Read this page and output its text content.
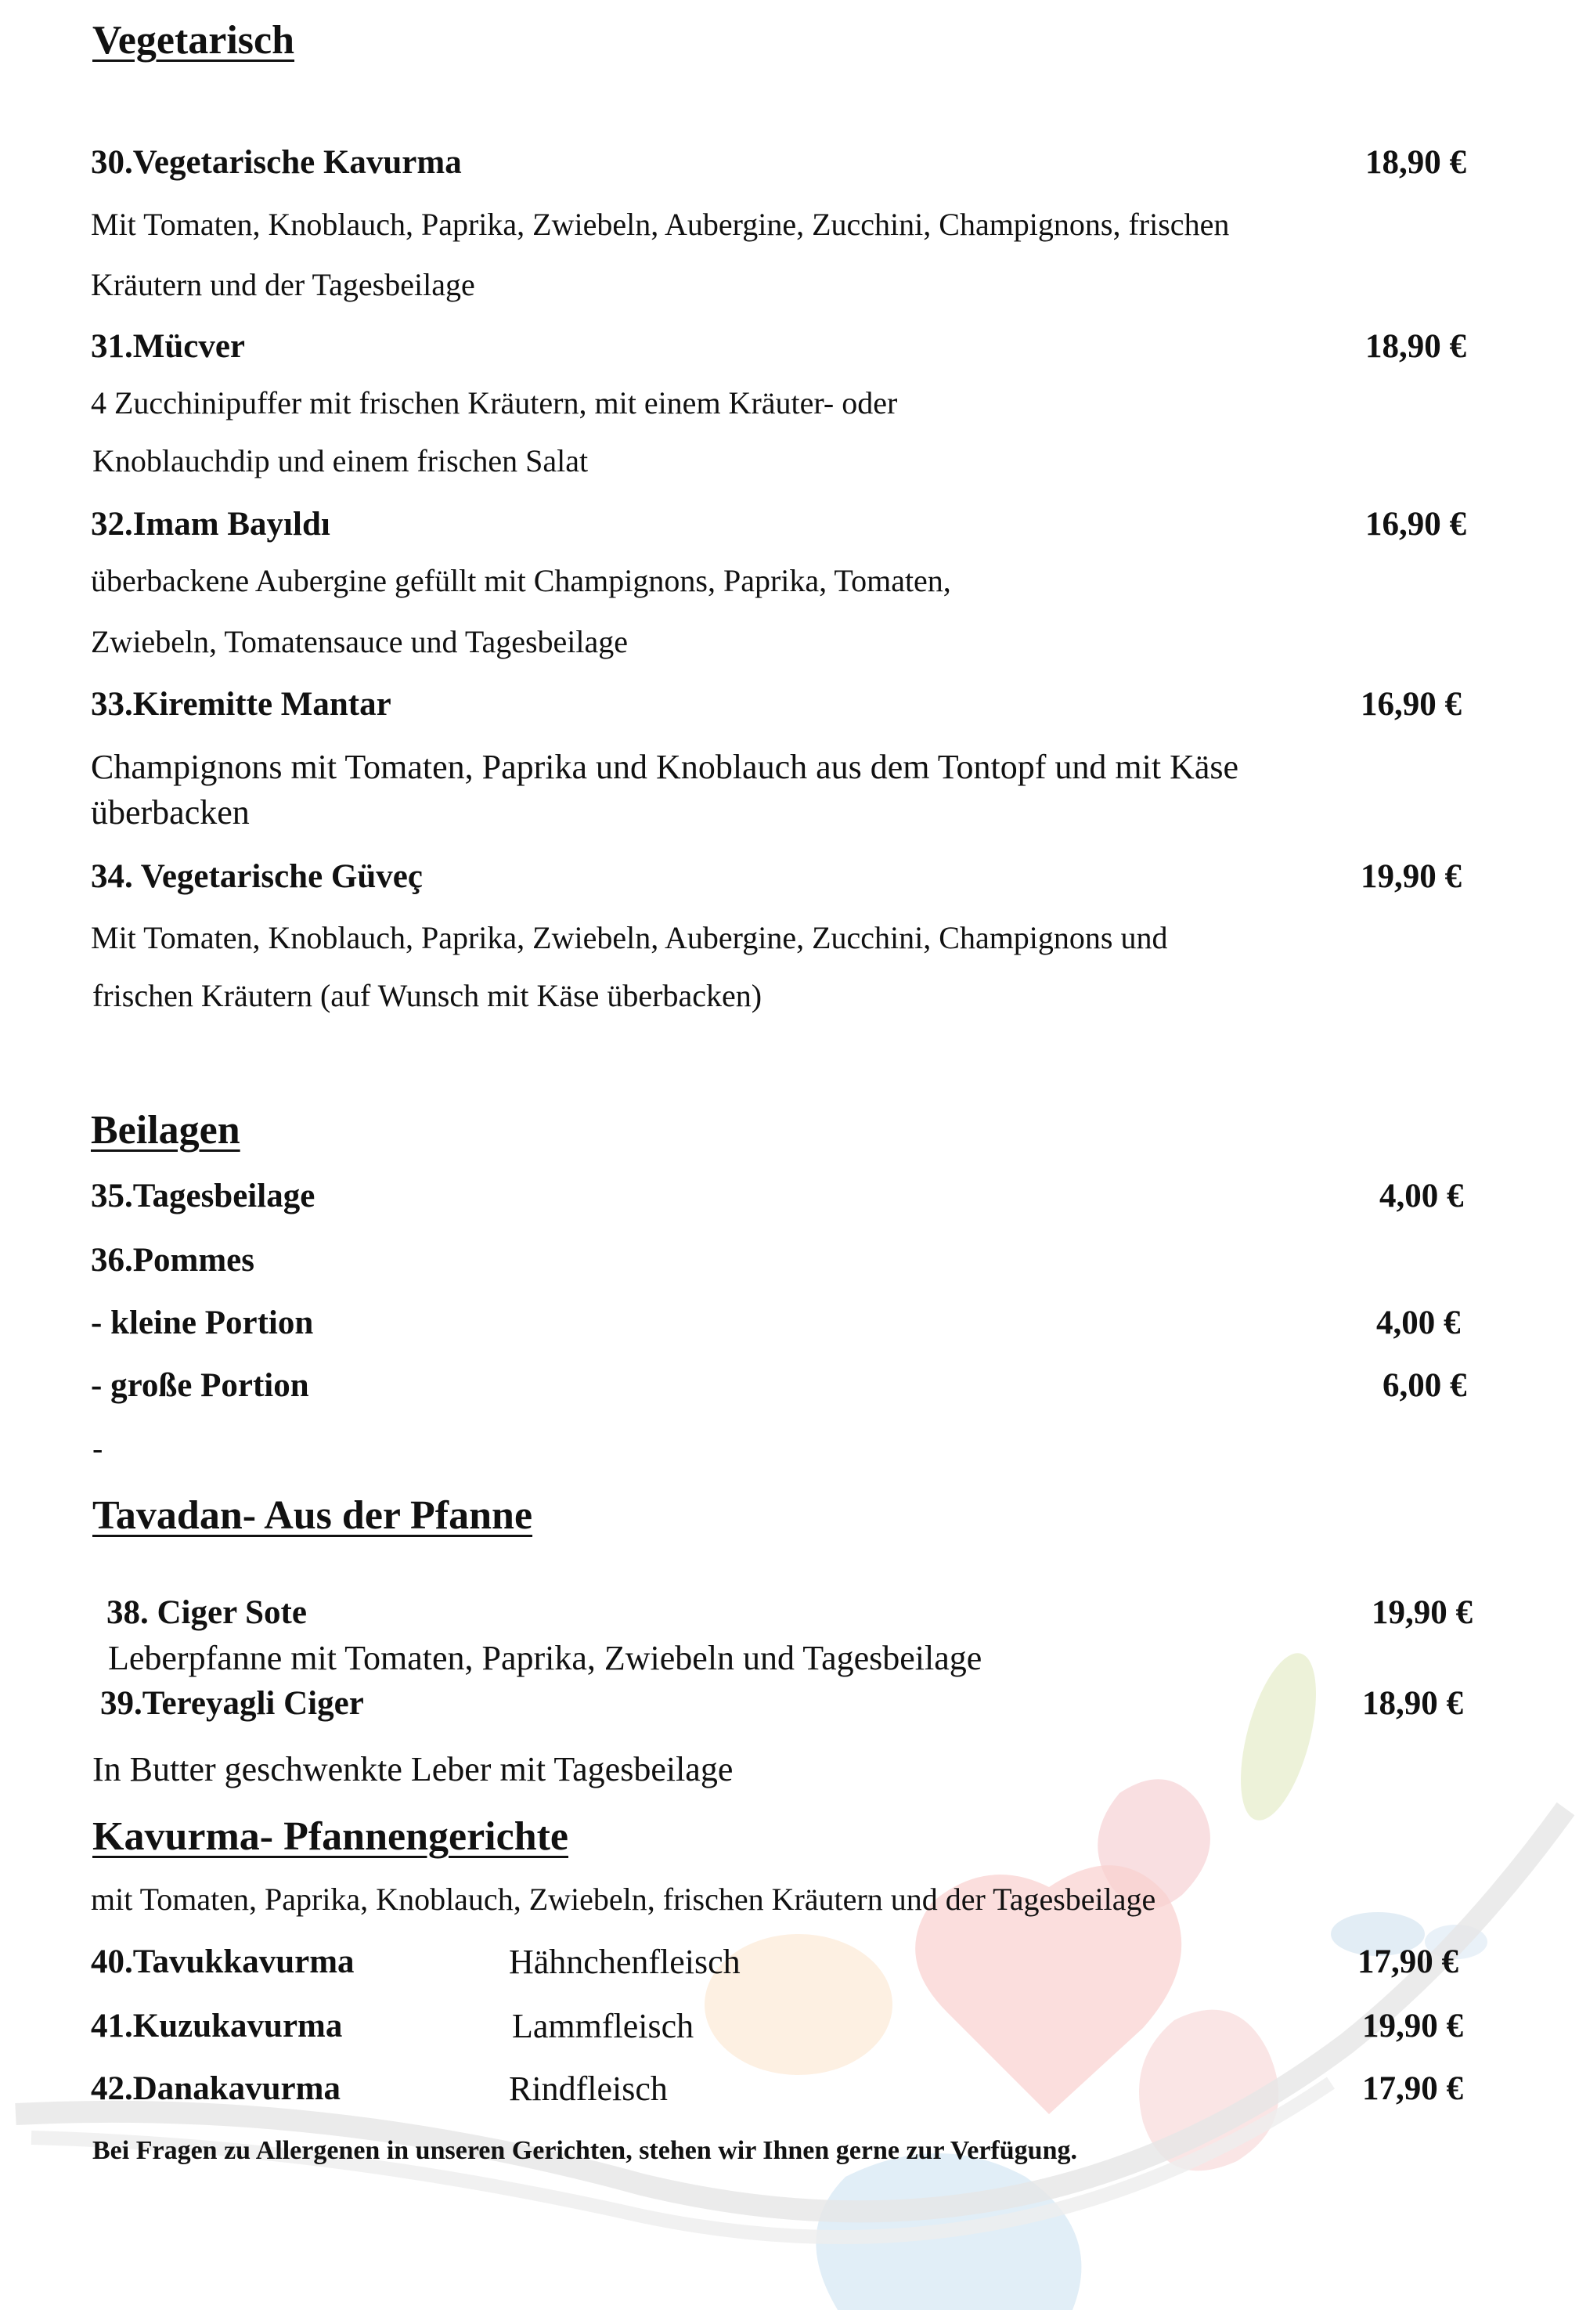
Vegetarisch
30.Vegetarische Kavurma	18,90 €
Mit Tomaten, Knoblauch, Paprika, Zwiebeln, Aubergine, Zucchini, Champignons, frischen
Kräutern und der Tagesbeilage
31.Mücver	18,90 €
4 Zucchinipuffer mit frischen Kräutern, mit einem Kräuter- oder
Knoblauchdip und einem frischen Salat
32.Imam Bayıldı	16,90 €
überbackene Aubergine gefüllt mit Champignons, Paprika, Tomaten,
Zwiebeln, Tomatensauce und Tagesbeilage
33.Kiremitte Mantar	16,90 €
Champignons mit Tomaten, Paprika und Knoblauch aus dem Tontopf und mit Käse
überbacken
34. Vegetarische Güveç	19,90 €
Mit Tomaten, Knoblauch, Paprika, Zwiebeln, Aubergine, Zucchini, Champignons und
frischen Kräutern (auf Wunsch mit Käse überbacken)
Beilagen
35.Tagesbeilage	4,00 €
36.Pommes
- kleine Portion	4,00 €
- große Portion	6,00 €
-
Tavadan- Aus der Pfanne
38. Ciger Sote	19,90 €
Leberpfanne mit Tomaten, Paprika, Zwiebeln und Tagesbeilage
39.Tereyagli Ciger	18,90 €
In Butter geschwenkte Leber mit Tagesbeilage
Kavurma- Pfannengerichte
mit Tomaten, Paprika, Knoblauch, Zwiebeln, frischen Kräutern und der Tagesbeilage
40.Tavukkavurma	Hähnchenfleisch	17,90 €
41.Kuzukavurma	Lammfleisch	19,90 €
42.Danakavurma	Rindfleisch	17,90 €
Bei Fragen zu Allergenen in unseren Gerichten, stehen wir Ihnen gerne zur Verfügung.
